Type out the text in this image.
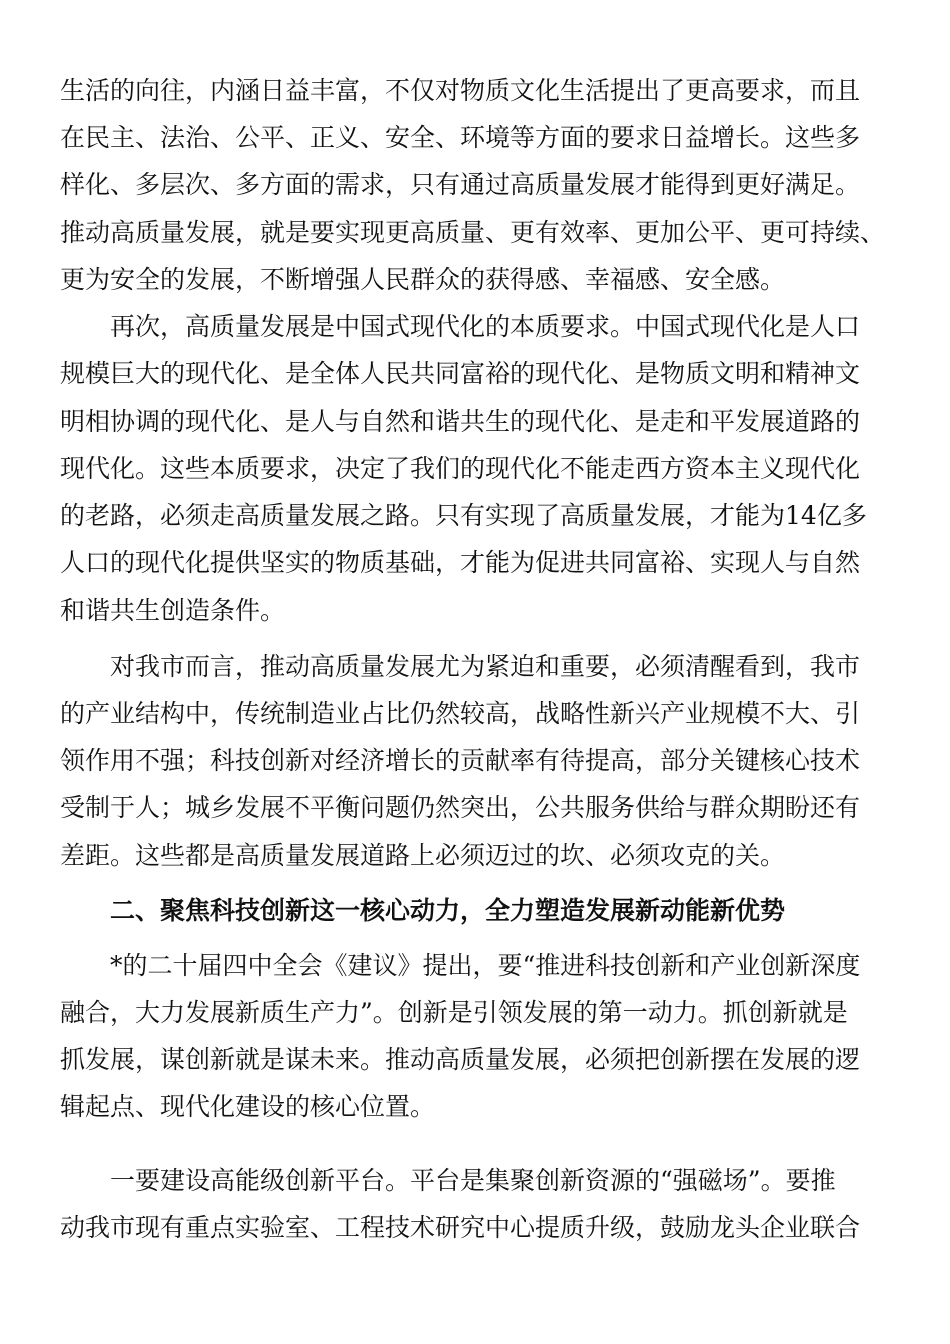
生活的向往，内涵日益丰富，不仅对物质文化生活提出了更高要求，而且
在民主、法治、公平、正义、安全、环境等方面的要求日益增长。这些多
样化、多层次、多方面的需求，只有通过高质量发展才能得到更好满足。
推动高质量发展，就是要实现更高质量、更有效率、更加公平、更可持续、
更为安全的发展，不断增强人民群众的获得感、幸福感、安全感。
再次，高质量发展是中国式现代化的本质要求。中国式现代化是人口
规模巨大的现代化、是全体人民共同富裕的现代化、是物质文明和精神文
明相协调的现代化、是人与自然和谐共生的现代化、是走和平发展道路的
现代化。这些本质要求，决定了我们的现代化不能走西方资本主义现代化
的老路，必须走高质量发展之路。只有实现了高质量发展，才能为14亿多
人口的现代化提供坚实的物质基础，才能为促进共同富裕、实现人与自然
和谐共生创造条件。
对我市而言，推动高质量发展尤为紧迫和重要，必须清醒看到，我市
的产业结构中，传统制造业占比仍然较高，战略性新兴产业规模不大、引
领作用不强；科技创新对经济增长的贡献率有待提高，部分关键核心技术
受制于人；城乡发展不平衡问题仍然突出，公共服务供给与群众期盼还有
差距。这些都是高质量发展道路上必须迈过的坎、必须攻克的关。
二、聚焦科技创新这一核心动力，全力塑造发展新动能新优势
*的二十届四中全会《建议》提出，要“推进科技创新和产业创新深度
融合，大力发展新质生产力”。创新是引领发展的第一动力。抓创新就是
抓发展，谋创新就是谋未来。推动高质量发展，必须把创新摆在发展的逻
辑起点、现代化建设的核心位置。
一要建设高能级创新平台。平台是集聚创新资源的“强磁场”。要推
动我市现有重点实验室、工程技术研究中心提质升级，鼓励龙头企业联合
